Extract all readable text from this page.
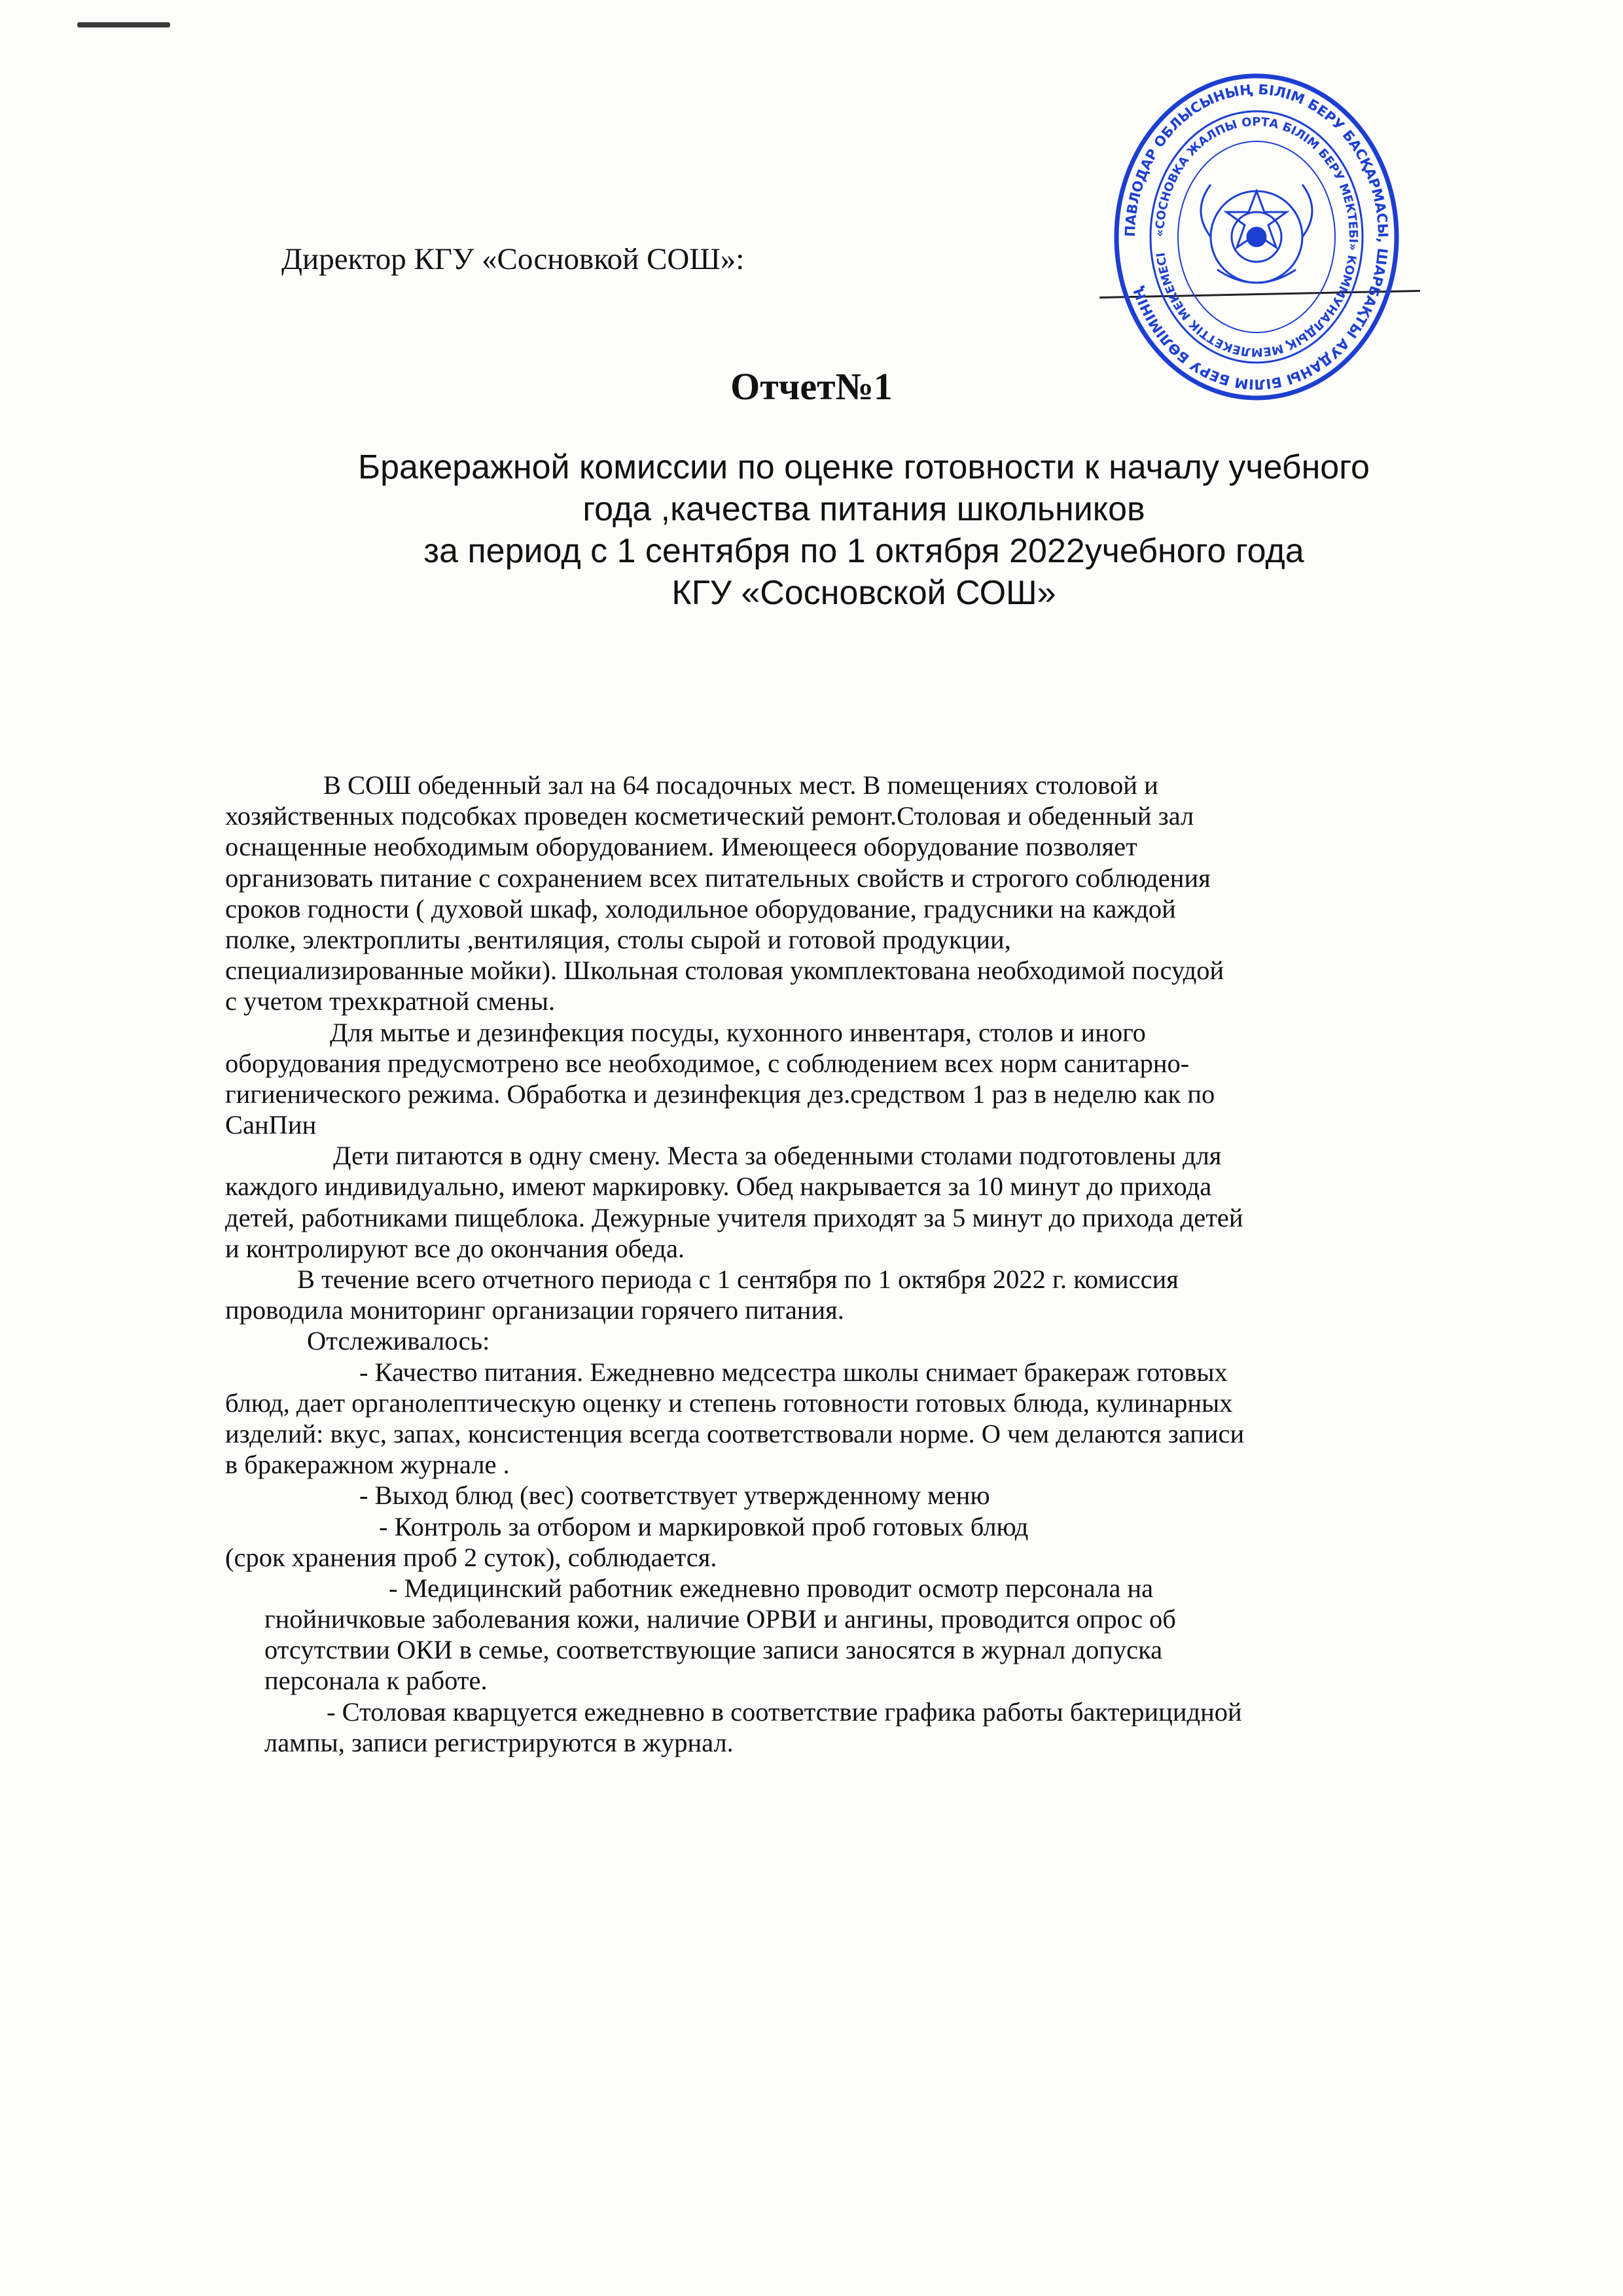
Директор КГУ «Сосновкой СОШ»:
ПАВЛОДАР ОБЛЫСЫНЫҢ БІЛІМ БЕРУ БАСҚАРМАСЫ, ШАРБАҚТЫ АУДАНЫ БІЛІМ БЕРУ БӨЛІМІНІҢ
«СОСНОВКА ЖАЛПЫ ОРТА БІЛІМ БЕРУ МЕКТЕБІ» КОММУНАЛДЫҚ МЕМЛЕКЕТТІК МЕКЕМЕСІ
Отчет№1
Бракеражной комиссии по оценке готовности к началу учебного
года ,качества питания школьников
за период с 1 сентября по 1 октября 2022учебного года
КГУ «Сосновской СОШ»
В СОШ обеденный зал на 64 посадочных мест. В помещениях столовой и
хозяйственных подсобках проведен косметический ремонт.Столовая и обеденный зал
оснащенные необходимым оборудованием. Имеющееся оборудование позволяет
организовать питание с сохранением всех питательных свойств и строгого соблюдения
сроков годности ( духовой шкаф, холодильное оборудование, градусники на каждой
полке, электроплиты ,вентиляция, столы сырой и готовой продукции,
специализированные мойки). Школьная столовая укомплектована необходимой посудой
с учетом трехкратной смены.
Для мытье и дезинфекция посуды, кухонного инвентаря, столов и иного
оборудования предусмотрено все необходимое, с соблюдением всех норм санитарно-
гигиенического режима. Обработка и дезинфекция дез.средством 1 раз в неделю как по
СанПин
Дети питаются в одну смену. Места за обеденными столами подготовлены для
каждого индивидуально, имеют маркировку. Обед накрывается за 10 минут до прихода
детей, работниками пищеблока. Дежурные учителя приходят за 5 минут до прихода детей
и контролируют все до окончания обеда.
В течение всего отчетного периода с 1 сентября по 1 октября 2022 г. комиссия
проводила мониторинг организации горячего питания.
Отслеживалось:
- Качество питания. Ежедневно медсестра школы снимает бракераж готовых
блюд, дает органолептическую оценку и степень готовности готовых блюда, кулинарных
изделий: вкус, запах, консистенция всегда соответствовали норме. О чем делаются записи
в бракеражном журнале .
- Выход блюд (вес) соответствует утвержденному меню
- Контроль за отбором и маркировкой проб готовых блюд
(срок хранения проб 2 суток), соблюдается.
- Медицинский работник ежедневно проводит осмотр персонала на
гнойничковые заболевания кожи, наличие ОРВИ и ангины, проводится опрос об
отсутствии ОКИ в семье, соответствующие записи заносятся в журнал допуска
персонала к работе.
- Столовая кварцуется ежедневно в соответствие графика работы бактерицидной
лампы, записи регистрируются в журнал.
